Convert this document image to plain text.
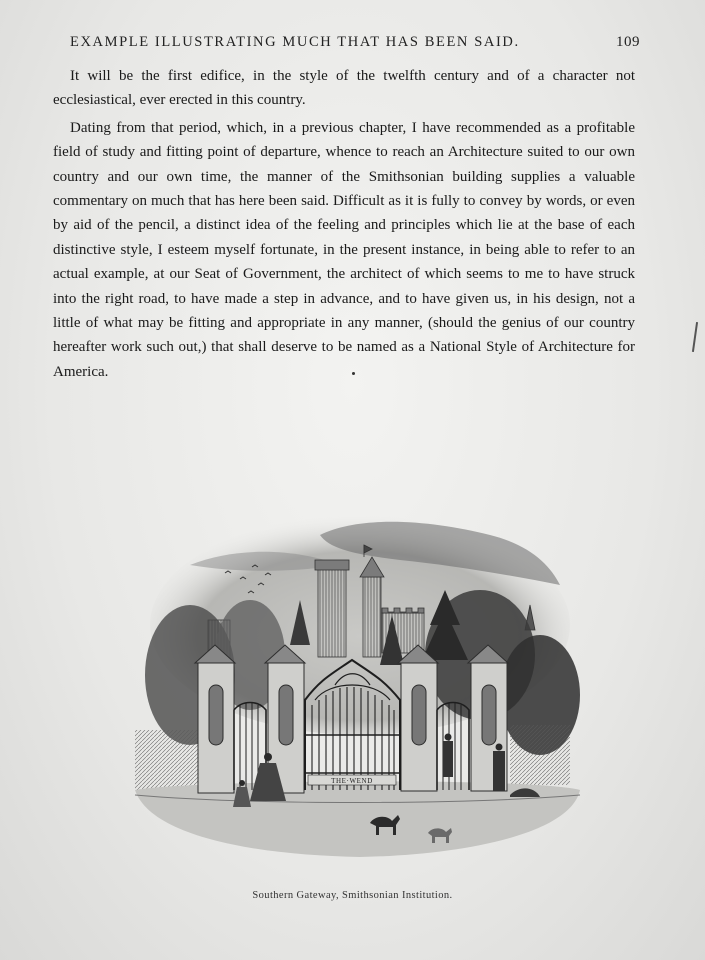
EXAMPLE ILLUSTRATING MUCH THAT HAS BEEN SAID.	109

It will be the first edifice, in the style of the twelfth century and of a character not ecclesiastical, ever erected in this country.

Dating from that period, which, in a previous chapter, I have recommended as a profitable field of study and fitting point of departure, whence to reach an Architecture suited to our own country and our own time, the manner of the Smithsonian building supplies a valuable commentary on much that has here been said. Difficult as it is fully to convey by words, or even by aid of the pencil, a distinct idea of the feeling and principles which lie at the base of each distinctive style, I esteem myself fortunate, in the present instance, in being able to refer to an actual example, at our Seat of Government, the architect of which seems to me to have struck into the right road, to have made a step in advance, and to have given us, in his design, not a little of what may be fitting and appropriate in any manner, (should the genius of our country hereafter work such out,) that shall deserve to be named as a National Style of Architecture for America.

THE·WEND
Southern Gateway, Smithsonian Institution.
